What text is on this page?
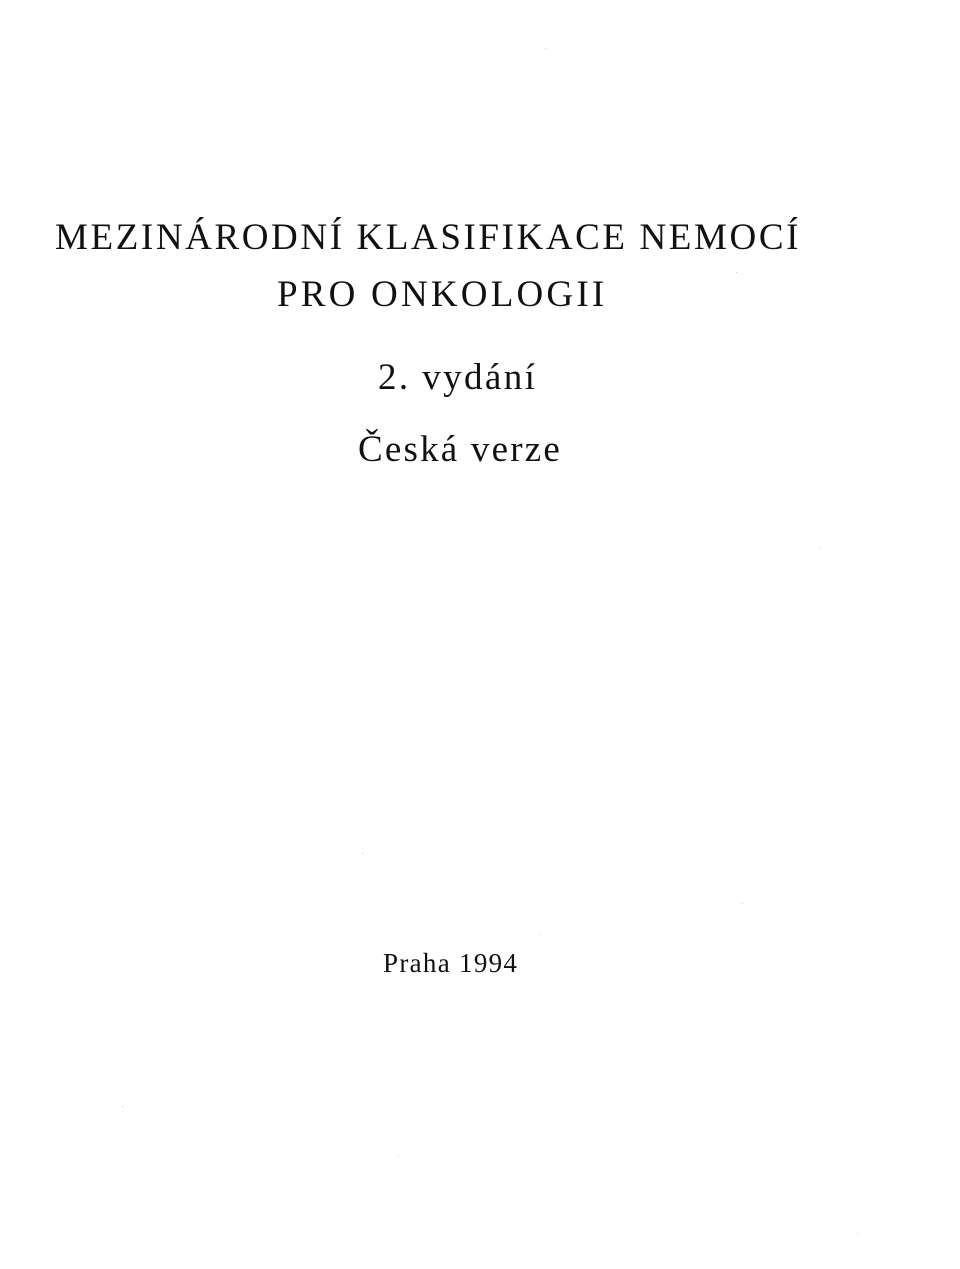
MEZINÁRODNÍ KLASIFIKACE NEMOCÍ
PRO ONKOLOGII
2. vydání
Česká verze
Praha 1994
